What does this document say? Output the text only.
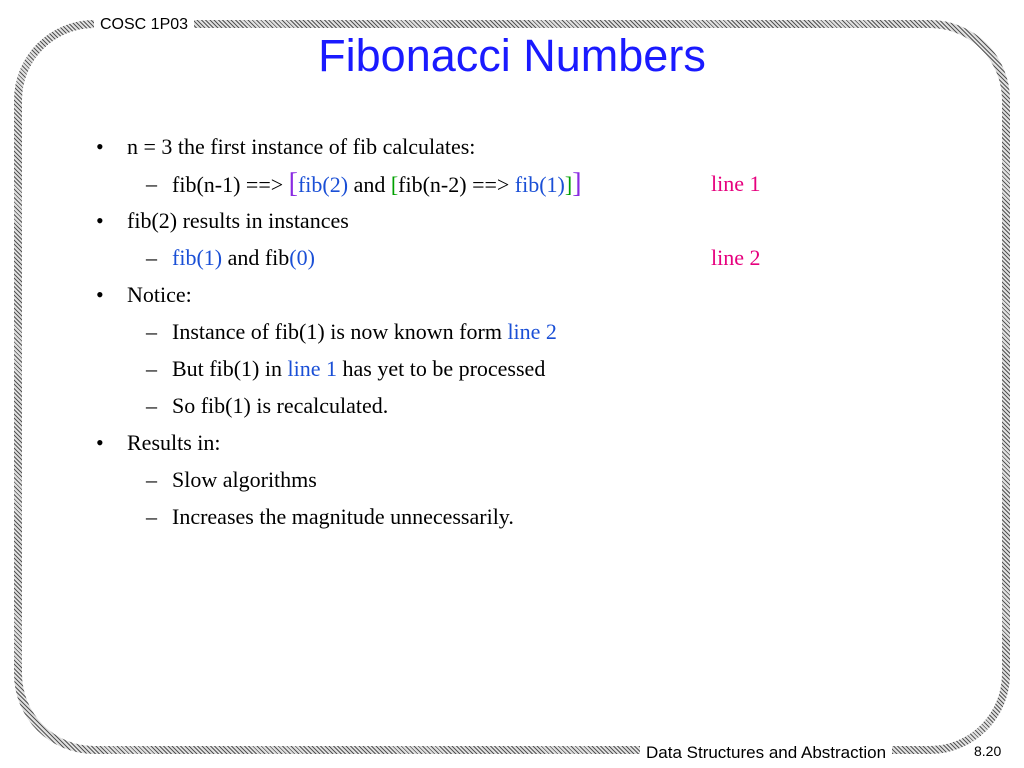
COSC 1P03
Fibonacci Numbers
• n = 3 the first instance of fib calculates:
– fib(n-1) ==> [fib(2) and [fib(n-2) ==> fib(1)]]	line 1
• fib(2) results in instances
– fib(1) and fib(0)	line 2
• Notice:
– Instance of fib(1) is now known form line 2
– But fib(1) in line 1 has yet to be processed
– So fib(1) is recalculated.
• Results in:
– Slow algorithms
– Increases the magnitude unnecessarily.
Data Structures and Abstraction	8.20
